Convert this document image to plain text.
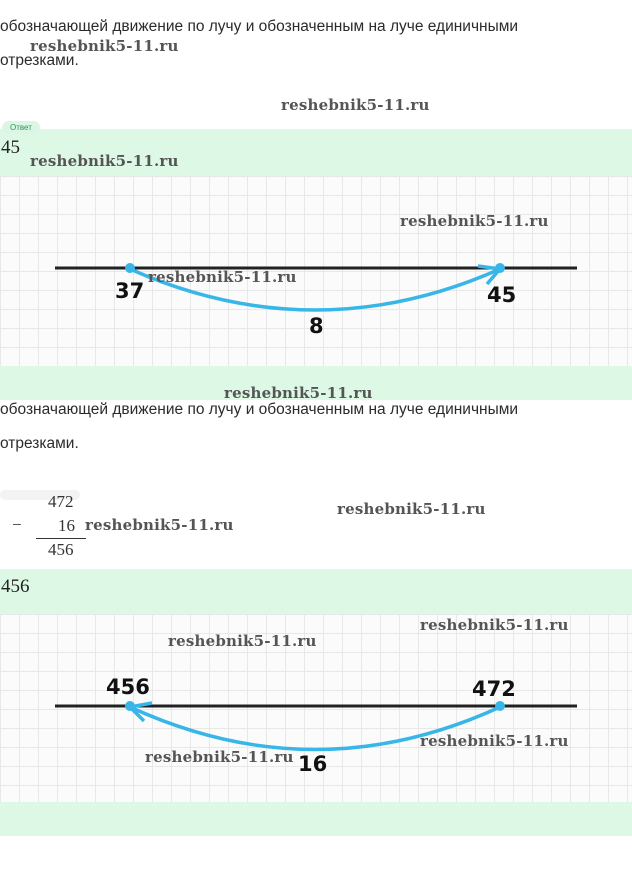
обозначающей движение по лучу и обозначенным на луче единичными
отрезками.
reshebnik5-11.ru
reshebnik5-11.ru
Ответ
45
reshebnik5-11.ru
37	45
8
reshebnik5-11.ru
reshebnik5-11.ru
reshebnik5-11.ru
обозначающей движение по лучу и обозначенным на луче единичными
отрезками.
472
− 16
456
reshebnik5-11.ru
reshebnik5-11.ru
456
456	472
16
reshebnik5-11.ru
reshebnik5-11.ru
reshebnik5-11.ru
reshebnik5-11.ru
